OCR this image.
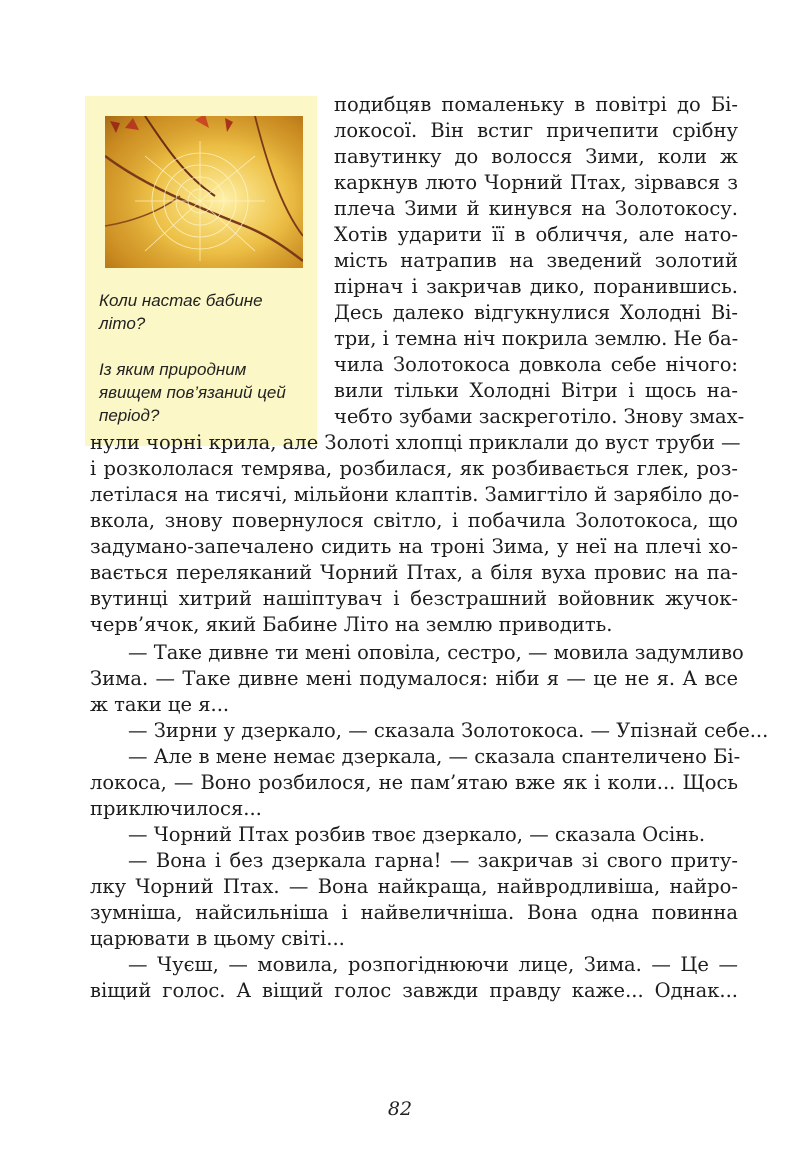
Коли настає бабине літо?
Із яким природним явищем пов’язаний цей період?
подибцяв помаленьку в повітрі до Бі-
локосої. Він встиг причепити срібну
павутинку до волосся Зими, коли ж
каркнув люто Чорний Птах, зірвався з
плеча Зими й кинувся на Золотокосу.
Хотів ударити її в обличчя, але нато-
мість натрапив на зведений золотий
пірнач і закричав дико, поранившись.
Десь далеко відгукнулися Холодні Ві-
три, і темна ніч покрила землю. Не ба-
чила Золотокоса довкола себе нічого:
вили тільки Холодні Вітри і щось на-
чебто зубами заскреготіло. Знову змах-
нули чорні крила, але Золоті хлопці приклали до вуст труби —
і розкололася темрява, розбилася, як розбивається глек, роз-
летілася на тисячі, мільйони клаптів. Замигтіло й зарябіло до-
вкола, знову повернулося світло, і побачила Золотокоса, що
задумано-запечалено сидить на троні Зима, у неї на плечі хо-
вається переляканий Чорний Птах, а біля вуха провис на па-
вутинці хитрий нашіптувач і безстрашний войовник жучок-
черв’ячок, який Бабине Літо на землю приводить.
— Таке дивне ти мені оповіла, сестро, — мовила задумливо
Зима. — Таке дивне мені подумалося: ніби я — це не я. А все
ж таки це я...
— Зирни у дзеркало, — сказала Золотокоса. — Упізнай себе...
— Але в мене немає дзеркала, — сказала спантеличено Бі-
локоса, — Воно розбилося, не пам’ятаю вже як і коли... Щось
приключилося...
— Чорний Птах розбив твоє дзеркало, — сказала Осінь.
— Вона і без дзеркала гарна! — закричав зі свого приту-
лку Чорний Птах. — Вона найкраща, найвродливіша, найро-
зумніша, найсильніша і найвеличніша. Вона одна повинна
царювати в цьому світі...
— Чуєш, — мовила, розпогіднюючи лице, Зима. — Це —
віщий голос. А віщий голос завжди правду каже... Однак...
82
